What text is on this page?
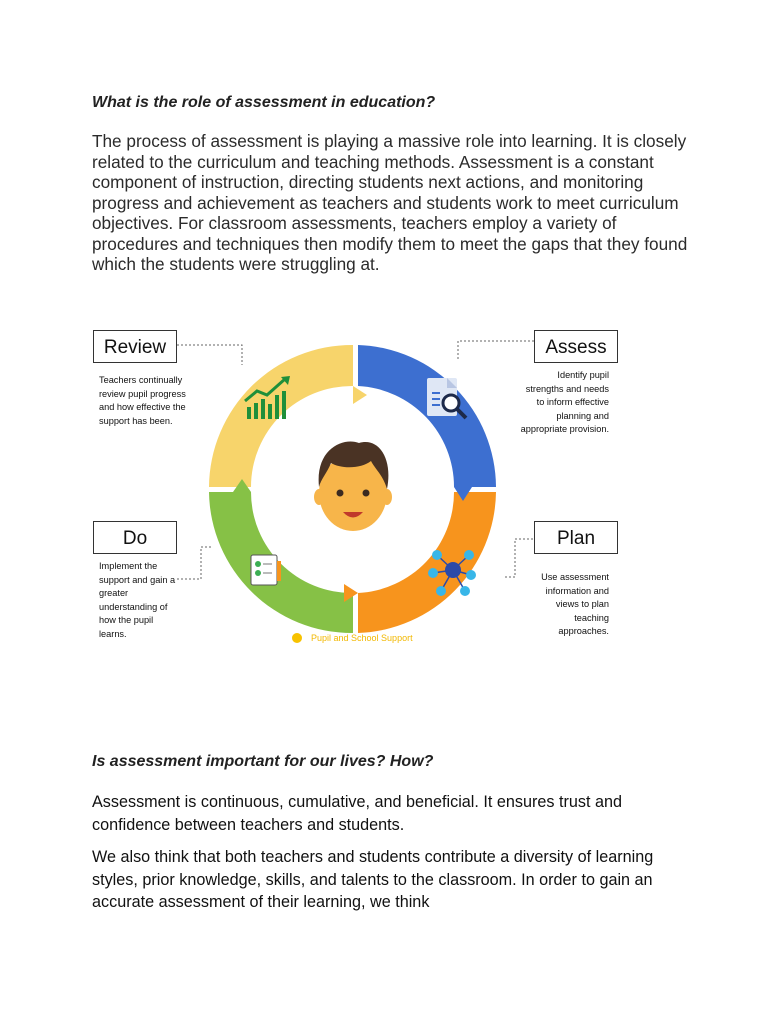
What is the role of assessment in education?

The process of assessment is playing a massive role into learning. It is closely related to the curriculum and teaching methods. Assessment is a constant component of instruction, directing students next actions, and monitoring progress and achievement as teachers and students work to meet curriculum objectives. For classroom assessments, teachers employ a variety of procedures and techniques then modify them to meet the gaps that they found which the students were struggling at.

Review
Teachers continually review pupil progress and how effective the support has been.
Assess
Identify pupil strengths and needs to inform effective planning and appropriate provision.
Do
Implement the support and gain a greater understanding of how the pupil learns.
Plan
Use assessment information and views to plan teaching approaches.
Pupil and School Support
Is assessment important for our lives? How?
Assessment is continuous, cumulative, and beneficial. It ensures trust and confidence between teachers and students.
We also think that both teachers and students contribute a diversity of learning styles, prior knowledge, skills, and talents to the classroom. In order to gain an accurate assessment of their learning, we think
